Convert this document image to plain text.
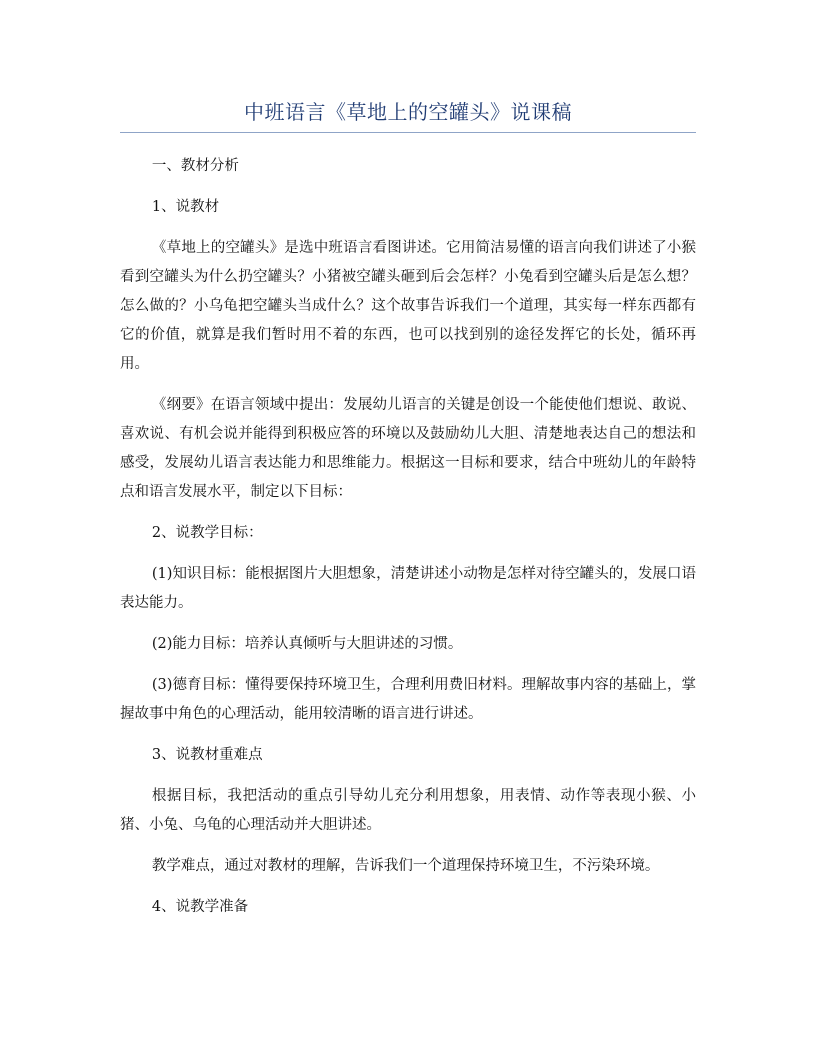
中班语言《草地上的空罐头》说课稿

一、教材分析

1、说教材

《草地上的空罐头》是选中班语言看图讲述。它用简洁易懂的语言向我们讲述了小猴看到空罐头为什么扔空罐头？小猪被空罐头砸到后会怎样？小兔看到空罐头后是怎么想？怎么做的？小乌龟把空罐头当成什么？这个故事告诉我们一个道理，其实每一样东西都有它的价值，就算是我们暂时用不着的东西，也可以找到别的途径发挥它的长处，循环再用。

《纲要》在语言领域中提出：发展幼儿语言的关键是创设一个能使他们想说、敢说、喜欢说、有机会说并能得到积极应答的环境以及鼓励幼儿大胆、清楚地表达自己的想法和感受，发展幼儿语言表达能力和思维能力。根据这一目标和要求，结合中班幼儿的年龄特点和语言发展水平，制定以下目标：

2、说教学目标：

(1)知识目标：能根据图片大胆想象，清楚讲述小动物是怎样对待空罐头的，发展口语表达能力。

(2)能力目标：培养认真倾听与大胆讲述的习惯。

(3)德育目标：懂得要保持环境卫生，合理利用费旧材料。理解故事内容的基础上，掌握故事中角色的心理活动，能用较清晰的语言进行讲述。

3、说教材重难点

根据目标，我把活动的重点引导幼儿充分利用想象，用表情、动作等表现小猴、小猪、小兔、乌龟的心理活动并大胆讲述。

教学难点，通过对教材的理解，告诉我们一个道理保持环境卫生，不污染环境。

4、说教学准备
